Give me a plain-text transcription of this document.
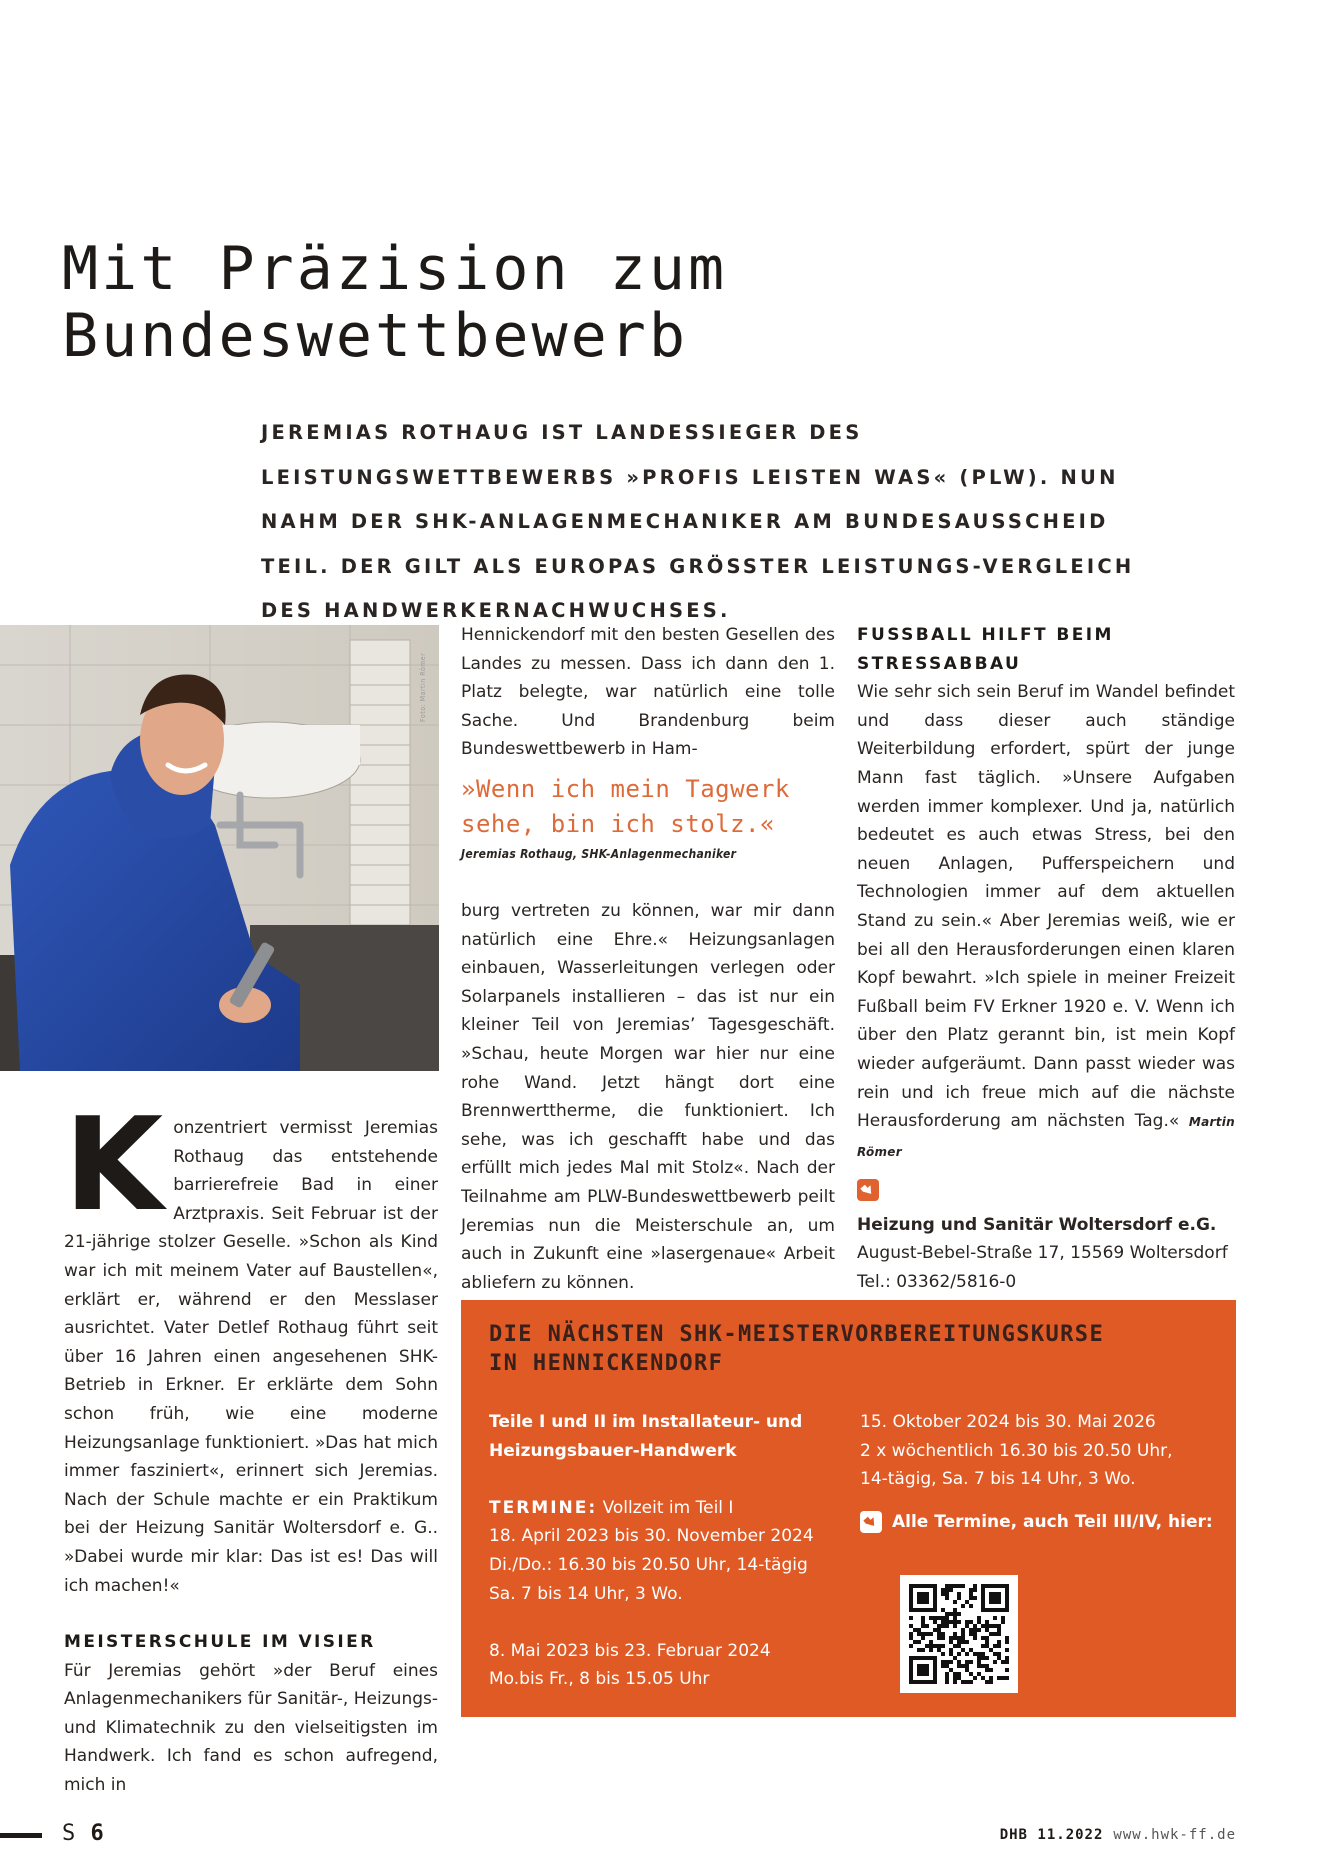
Mit Präzision zum
Bundeswettbewerb
JEREMIAS ROTHAUG IST LANDESSIEGER DES LEISTUNGSWETTBEWERBS »PROFIS LEISTEN WAS« (PLW). NUN NAHM DER SHK-ANLAGENMECHANIKER AM BUNDESAUSSCHEID TEIL. DER GILT ALS EUROPAS GRÖSSTER LEISTUNGS-VERGLEICH DES HANDWERKERNACHWUCHSES.
Foto: Martin Römer
K onzentriert vermisst Jeremias Rothaug das entstehende barrierefreie Bad in einer Arztpraxis. Seit Februar ist der 21-jährige stolzer Geselle. »Schon als Kind war ich mit meinem Vater auf Baustellen«, erklärt er, während er den Messlaser ausrichtet. Vater Detlef Rothaug führt seit über 16 Jahren einen angesehenen SHK-Betrieb in Erkner. Er erklärte dem Sohn schon früh, wie eine moderne Heizungsanlage funktioniert. »Das hat mich immer fasziniert«, erinnert sich Jeremias. Nach der Schule machte er ein Praktikum bei der Heizung Sanitär Woltersdorf e. G.. »Dabei wurde mir klar: Das ist es! Das will ich machen!«

MEISTERSCHULE IM VISIER

Für Jeremias gehört »der Beruf eines Anlagenmechanikers für Sanitär-, Heizungs- und Klimatechnik zu den vielseitigsten im Handwerk. Ich fand es schon aufregend, mich in

Hennickendorf mit den besten Gesellen des Landes zu messen. Dass ich dann den 1. Platz belegte, war natürlich eine tolle Sache. Und Brandenburg beim Bundeswettbewerb in Ham-

»Wenn ich mein Tagwerk sehe, bin ich stolz.«
Jeremias Rothaug, SHK-Anlagenmechaniker

burg vertreten zu können, war mir dann natürlich eine Ehre.« Heizungsanlagen einbauen, Wasserleitungen verlegen oder Solarpanels installieren – das ist nur ein kleiner Teil von Jeremias’ Tagesgeschäft. »Schau, heute Morgen war hier nur eine rohe Wand. Jetzt hängt dort eine Brennwerttherme, die funktioniert. Ich sehe, was ich geschafft habe und das erfüllt mich jedes Mal mit Stolz«. Nach der Teilnahme am PLW-Bundeswettbewerb peilt Jeremias nun die Meisterschule an, um auch in Zukunft eine »lasergenaue« Arbeit abliefern zu können.

FUSSBALL HILFT BEIM STRESSABBAU

Wie sehr sich sein Beruf im Wandel befindet und dass dieser auch ständige Weiterbildung erfordert, spürt der junge Mann fast täglich. »Unsere Aufgaben werden immer komplexer. Und ja, natürlich bedeutet es auch etwas Stress, bei den neuen Anlagen, Pufferspeichern und Technologien immer auf dem aktuellen Stand zu sein.« Aber Jeremias weiß, wie er bei all den Herausforderungen einen klaren Kopf bewahrt. »Ich spiele in meiner Freizeit Fußball beim FV Erkner 1920 e. V. Wenn ich über den Platz gerannt bin, ist mein Kopf wieder aufgeräumt. Dann passt wieder was rein und ich freue mich auf die nächste Herausforderung am nächsten Tag.« Martin Römer

Heizung und Sanitär Woltersdorf e.G.
August-Bebel-Straße 17, 15569 Woltersdorf
Tel.: 03362/5816-0
DIE NÄCHSTEN SHK-MEISTERVORBEREITUNGSKURSE
IN HENNICKENDORF

Teile I und II im Installateur- und

Heizungsbauer-Handwerk

TERMINE: Vollzeit im Teil I

18. April 2023 bis 30. November 2024

Di./Do.: 16.30 bis 20.50 Uhr, 14-tägig

Sa. 7 bis 14 Uhr, 3 Wo.

8. Mai 2023 bis 23. Februar 2024

Mo.bis Fr., 8 bis 15.05 Uhr

15. Oktober 2024 bis 30. Mai 2026

2 x wöchentlich 16.30 bis 20.50 Uhr,

14-tägig, Sa. 7 bis 14 Uhr, 3 Wo.

Alle Termine, auch Teil III/IV, hier:
S 6	DHB 11.2022 www.hwk-ff.de
